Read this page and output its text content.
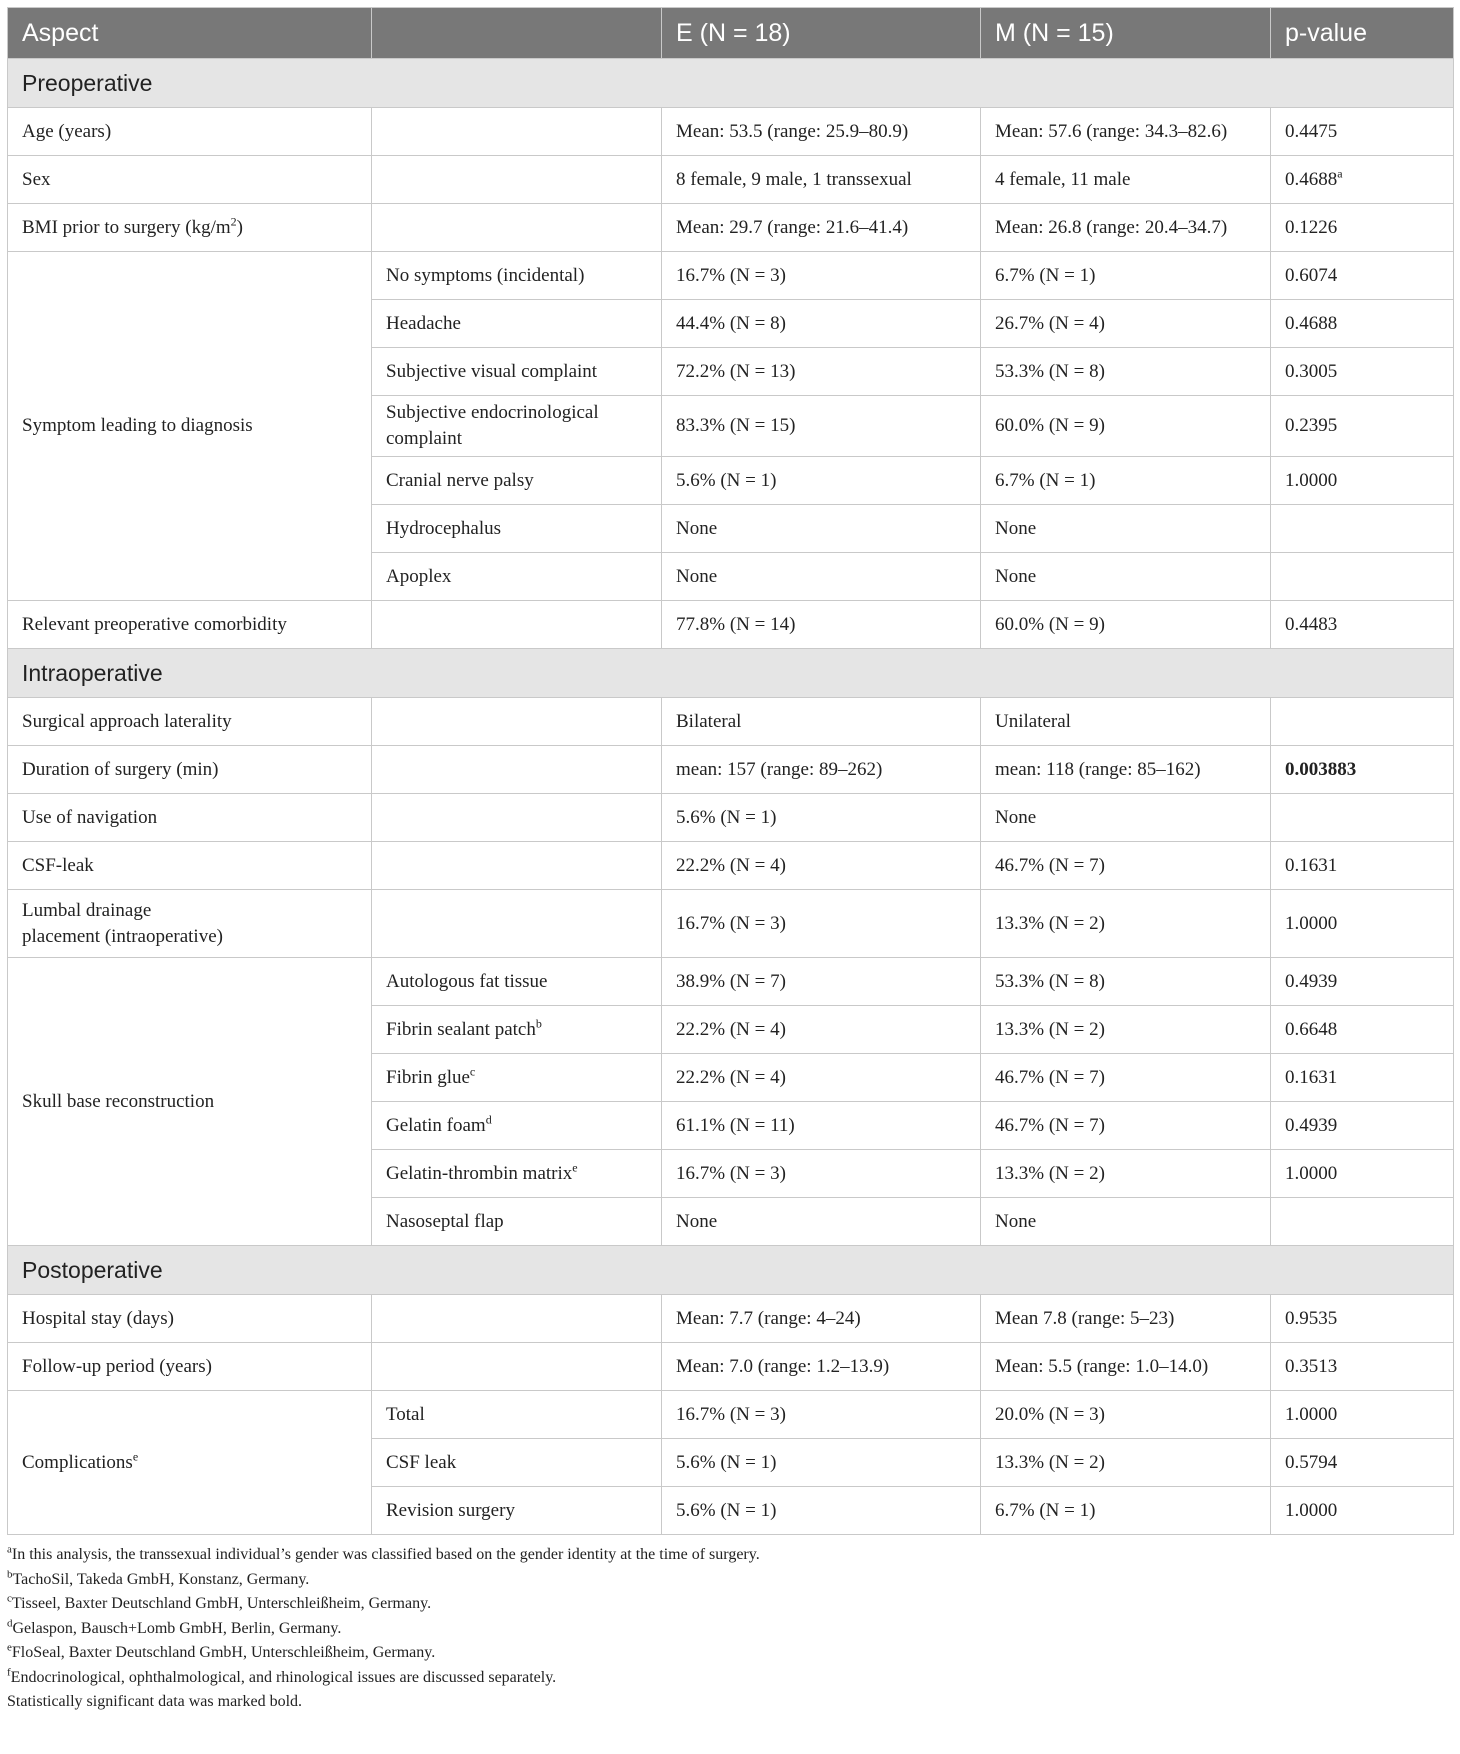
Aspect		E (N = 18)	M (N = 15)	p-value
Preoperative				
Age (years)		Mean: 53.5 (range: 25.9–80.9)	Mean: 57.6 (range: 34.3–82.6)	0.4475
Sex		8 female, 9 male, 1 transsexual	4 female, 11 male	0.4688$^a$
BMI prior to surgery $(kg/m^2)$		Mean: 29.7 (range: 21.6–41.4)	Mean: 26.8 (range: 20.4–34.7)	0.1226
Symptom leading to diagnosis	No symptoms (incidental)	16.7% (N = 3)	6.7% (N = 1)	0.6074
	Headache	44.4% (N = 8)	26.7% (N = 4)	0.4688
	Subjective visual complaint	72.2% (N = 13)	53.3% (N = 8)	0.3005
	Subjective endocrinological complaint	83.3% (N = 15)	60.0% (N = 9)	0.2395
	Cranial nerve palsy	5.6% (N = 1)	6.7% (N = 1)	1.0000
	Hydrocephalus	None	None	
	Apoplex	None	None	
Relevant preoperative comorbidity		77.8% (N = 14)	60.0% (N = 9)	0.4483
Intraoperative				
Surgical approach laterality		Bilateral	Unilateral	
Duration of surgery (min)		mean: 157 (range: 89–262)	mean: 118 (range: 85–162)	0.003883
Use of navigation		5.6% (N = 1)	None	
CSF-leak		22.2% (N = 4)	46.7% (N = 7)	0.1631
Lumbal drainage placement (intraoperative)		16.7% (N = 3)	13.3% (N = 2)	1.0000
Skull base reconstruction	Autologous fat tissue	38.9% (N = 7)	53.3% (N = 8)	0.4939
	Fibrin sealant patch$^b$	22.2% (N = 4)	13.3% (N = 2)	0.6648
	Fibrin glue$^c$	22.2% (N = 4)	46.7% (N = 7)	0.1631
	Gelatin foam$^d$	61.1% (N = 11)	46.7% (N = 7)	0.4939
	Gelatin-thrombin matrix$^e$	16.7% (N = 3)	13.3% (N = 2)	1.0000
	Nasoseptal flap	None	None	
Postoperative				
Hospital stay (days)		Mean: 7.7 (range: 4–24)	Mean 7.8 (range: 5–23)	0.9535
Follow-up period (years)		Mean: 7.0 (range: 1.2–13.9)	Mean: 5.5 (range: 1.0–14.0)	0.3513
Complications$^e$	Total	16.7% (N = 3)	20.0% (N = 3)	1.0000
	CSF leak	5.6% (N = 1)	13.3% (N = 2)	0.5794
	Revision surgery	5.6% (N = 1)	6.7% (N = 1)	1.0000
$^a$In this analysis, the transsexual individual’s gender was classified based on the gender identity at the time of surgery.
$^b$TachoSil, Takeda GmbH, Konstanz, Germany.
$^c$Tisseel, Baxter Deutschland GmbH, Unterschleißheim, Germany.
$^d$Gelaspon, Bausch+Lomb GmbH, Berlin, Germany.
$^e$FloSeal, Baxter Deutschland GmbH, Unterschleißheim, Germany.
$^f$Endocrinological, ophthalmological, and rhinological issues are discussed separately.
Statistically significant data was marked bold.
